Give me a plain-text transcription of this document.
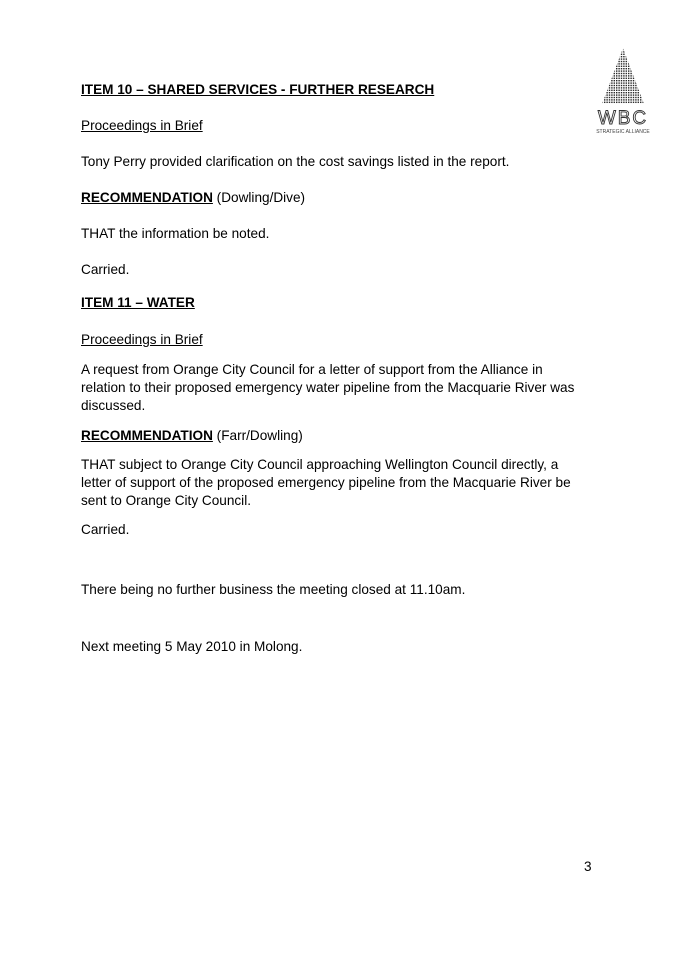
WBC
STRATEGIC ALLIANCE
ITEM 10 – SHARED SERVICES - FURTHER RESEARCH
Proceedings in Brief
Tony Perry provided clarification on the cost savings listed in the report.
RECOMMENDATION (Dowling/Dive)
THAT the information be noted.
Carried.
ITEM 11 – WATER
Proceedings in Brief
A request from Orange City Council for a letter of support from the Alliance in relation to their proposed emergency water pipeline from the Macquarie River was discussed.
RECOMMENDATION (Farr/Dowling)
THAT subject to Orange City Council approaching Wellington Council directly, a letter of support of the proposed emergency pipeline from the Macquarie River be sent to Orange City Council.
Carried.
There being no further business the meeting closed at 11.10am.
Next meeting 5 May 2010 in Molong.
3
